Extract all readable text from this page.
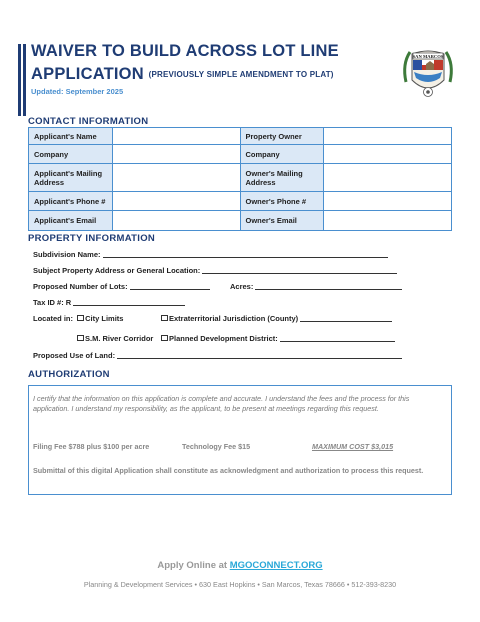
WAIVER TO BUILD ACROSS LOT LINE
APPLICATION $^{(PREVIOUSLY SIMPLE AMENDMENT TO PLAT)}$
Updated: September 2025
SAN MARCOS
CONTACT INFORMATION
Applicant's Name		Property Owner	
Company		Company	
Applicant's Mailing Address		Owner's Mailing Address	
Applicant's Phone #		Owner's Phone #	
Applicant's Email		Owner's Email	
PROPERTY INFORMATION
Subdivision Name:
Subject Property Address or General Location:
Proposed Number of Lots:	Acres:
Tax ID #: R
Located in: City Limits	Extraterritorial Jurisdiction (County)
S.M. River Corridor	Planned Development District:
Proposed Use of Land:
AUTHORIZATION
I certify that the information on this application is complete and accurate. I understand the fees and the process for this application. I understand my responsibility, as the applicant, to be present at meetings regarding this request.
Filing Fee $788 plus $100 per acre	Technology Fee $15	MAXIMUM COST $3,015
Submittal of this digital Application shall constitute as acknowledgment and authorization to process this request.
Apply Online at MGOCONNECT.ORG
Planning & Development Services • 630 East Hopkins • San Marcos, Texas 78666 • 512-393-8230
